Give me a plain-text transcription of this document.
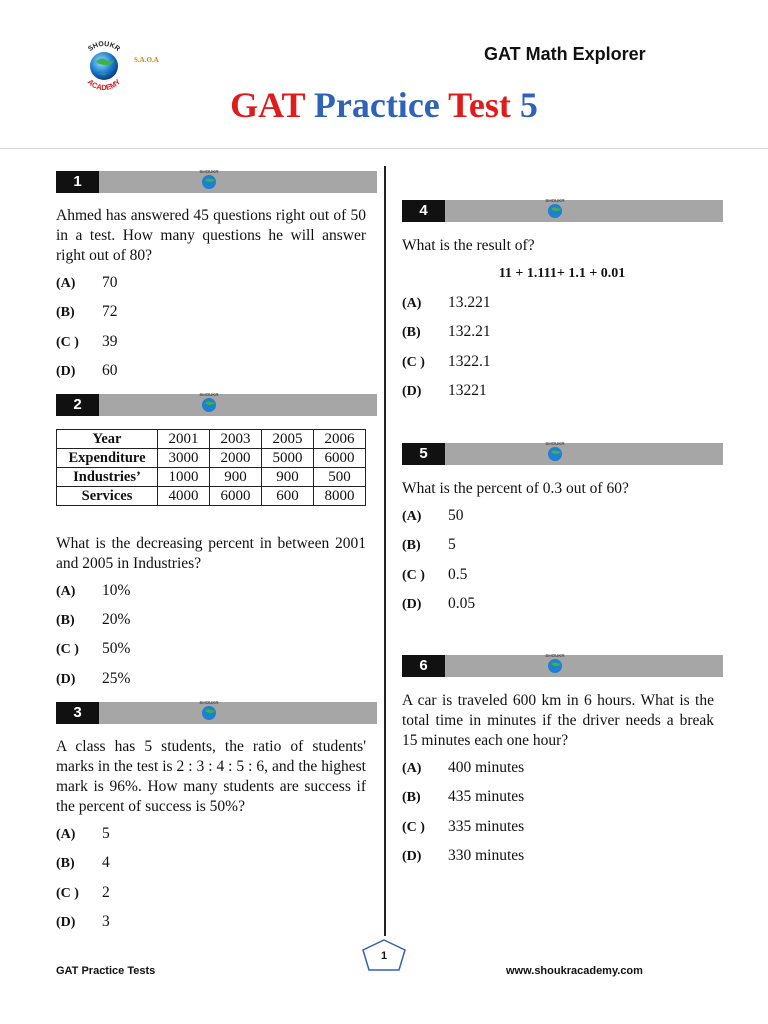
SHOUKR
ACADEMY
S.A.O.A	GAT Math Explorer
GAT Practice Test 5
1
SHOUKR
Ahmed has answered 45 questions right out of 50 in a test. How many questions he will answer right out of 80?
(A) 70
(B) 72
(C ) 39
(D) 60
2
SHOUKR
Year	2001	2003	2005	2006
Expenditure	3000	2000	5000	6000
Industries’	1000	900	900	500
Services	4000	6000	600	8000
What is the decreasing percent in between 2001 and 2005 in Industries?
(A) 10%
(B) 20%
(C ) 50%
(D) 25%
3
SHOUKR
A class has 5 students, the ratio of students' marks in the test is 2 : 3 : 4 : 5 : 6, and the highest mark is 96%. How many students are success if the percent of success is 50%?
(A) 5
(B) 4
(C ) 2
(D) 3
4
SHOUKR
What is the result of?
11 + 1.111+ 1.1 + 0.01
(A) 13.221
(B) 132.21
(C ) 1322.1
(D) 13221
5
SHOUKR
What is the percent of 0.3 out of 60?
(A) 50
(B) 5
(C ) 0.5
(D) 0.05
6
SHOUKR
A car is traveled 600 km in 6 hours. What is the total time in minutes if the driver needs a break 15 minutes each one hour?
(A) 400 minutes
(B) 435 minutes
(C ) 335 minutes
(D) 330 minutes
1
GAT Practice Tests	www.shoukracademy.com
